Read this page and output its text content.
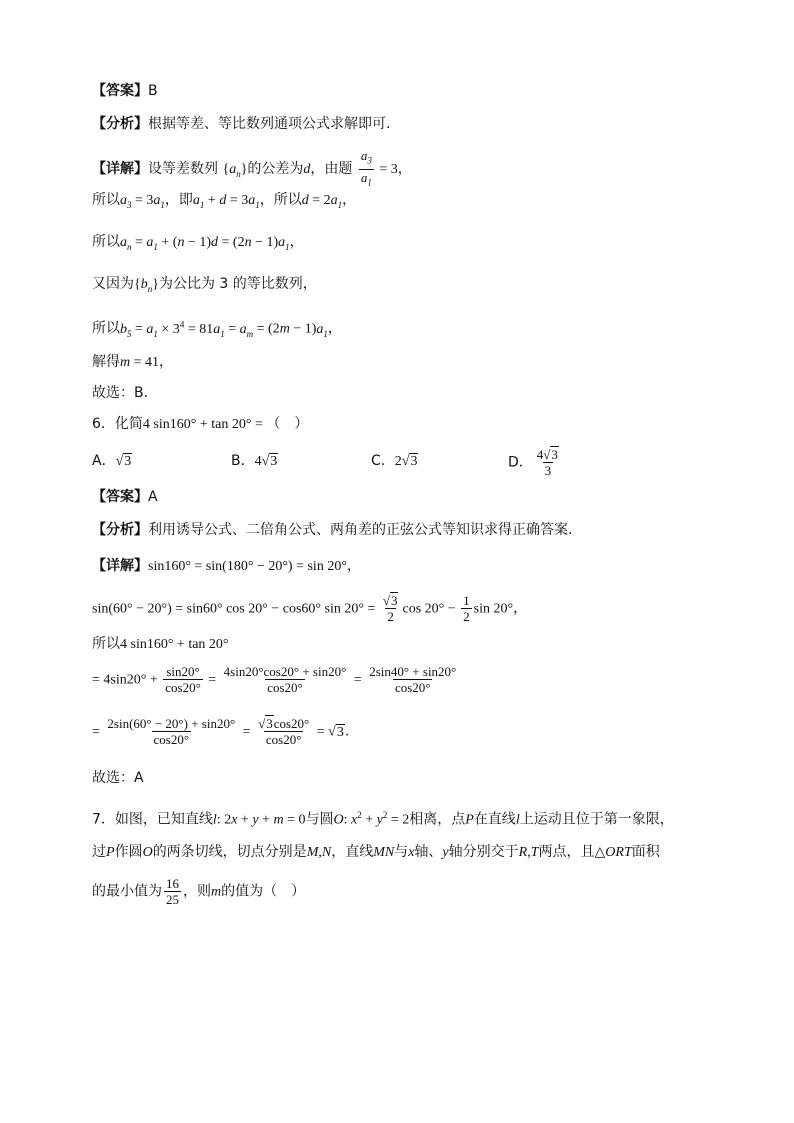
【答案】B
【分析】根据等差、等比数列通项公式求解即可.
【详解】设等差数列 $\{a_n\}$的公差为d，由题 $\frac{a_3}{a_1} = 3$，
所以$a_3 = 3a_1$，即$a_1 + d = 3a_1$，所以$d = 2a_1$，
所以$a_n = a_1 + (n - 1)d = (2n - 1)a_1$，
又因为$\{b_n\}$为公比为 3 的等比数列，
所以$b_5 = a_1 \times 3^4 = 81a_1 = a_m = (2m - 1)a_1$，
解得m = 41，
故选：B．
6．化简4 sin160° + tan 20° = （　）
A．√3	B．4√3	C．2√3	D． $\frac{4√3}{3}$
【答案】A
【分析】利用诱导公式、二倍角公式、两角差的正弦公式等知识求得正确答案.
【详解】sin160° = sin(180° − 20°) = sin 20°，
sin(60° − 20°) = sin60° cos 20° − cos60° $\sin 20^\circ = \frac{√3}{2}$ $\cos 20^\circ - \frac{1}{2}$ sin 20°，
所以4 sin160° + tan 20°
= $4\sin 20^\circ + \frac{\sin 20^\circ}{\cos 20^\circ} = \frac{4\sin 20^\circ\cos 20^\circ + \sin 20^\circ}{\cos 20^\circ} = \frac{2\sin 40^\circ + \sin 20^\circ}{\cos 20^\circ}$
= $\frac{2\sin(60^\circ - 20^\circ) + \sin 20^\circ}{\cos 20^\circ} = \frac{√3\cos 20^\circ}{\cos 20^\circ} = √3$.
故选：A
7．如图，已知直线l: 2x + y + m = 0与圆O: $x^2 + y^2 = 2$相离，点P在直线l上运动且位于第一象限，
过P作圆O的两条切线，切点分别是M,N，直线MN与x轴、y轴分别交于R,T两点，且△ORT面积
的最小值为 $\frac{16}{25}$ ，则m的值为（　）
